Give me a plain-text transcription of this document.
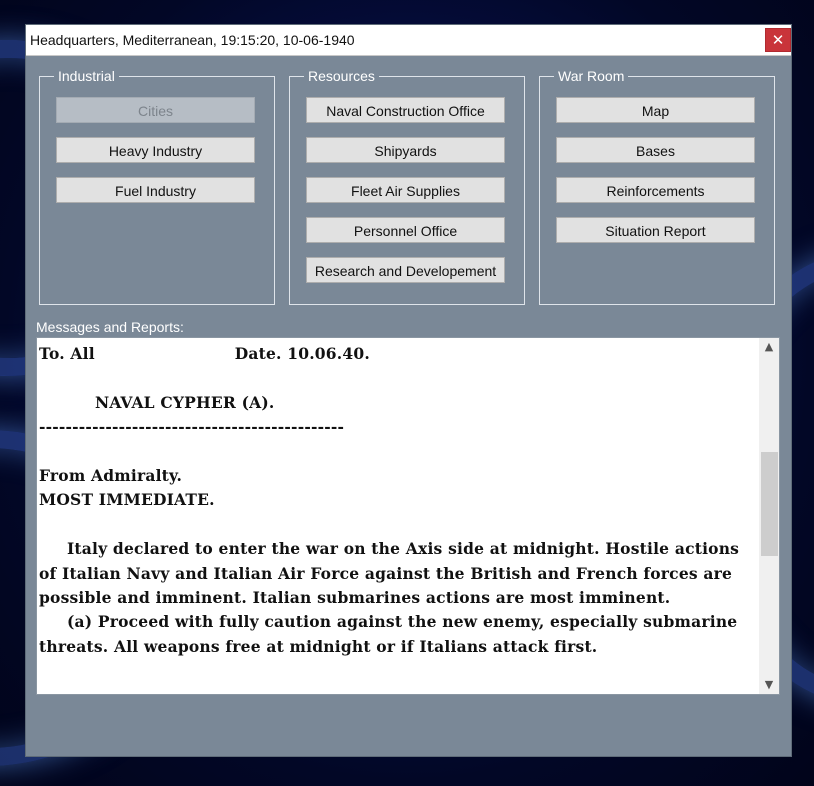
Headquarters, Mediterranean, 19:15:20, 10-06-1940	✕
Industrial
Cities
Heavy Industry
Fuel Industry
Resources
Naval Construction Office
Shipyards
Fleet Air Supplies
Personnel Office
Research and Developement
War Room
Map
Bases
Reinforcements
Situation Report
Messages and Reports:
To. All                         Date. 10.06.40.

NAVAL CYPHER (A).
----------------------------------------------

From Admiralty.
MOST IMMEDIATE.

Italy declared to enter the war on the Axis side at midnight. Hostile actions of Italian Navy and Italian Air Force against the British and French forces are possible and imminent. Italian submarines actions are most imminent.
(a) Proceed with fully caution against the new enemy, especially submarine threats. All weapons free at midnight or if Italians attack first.
▲
▼
